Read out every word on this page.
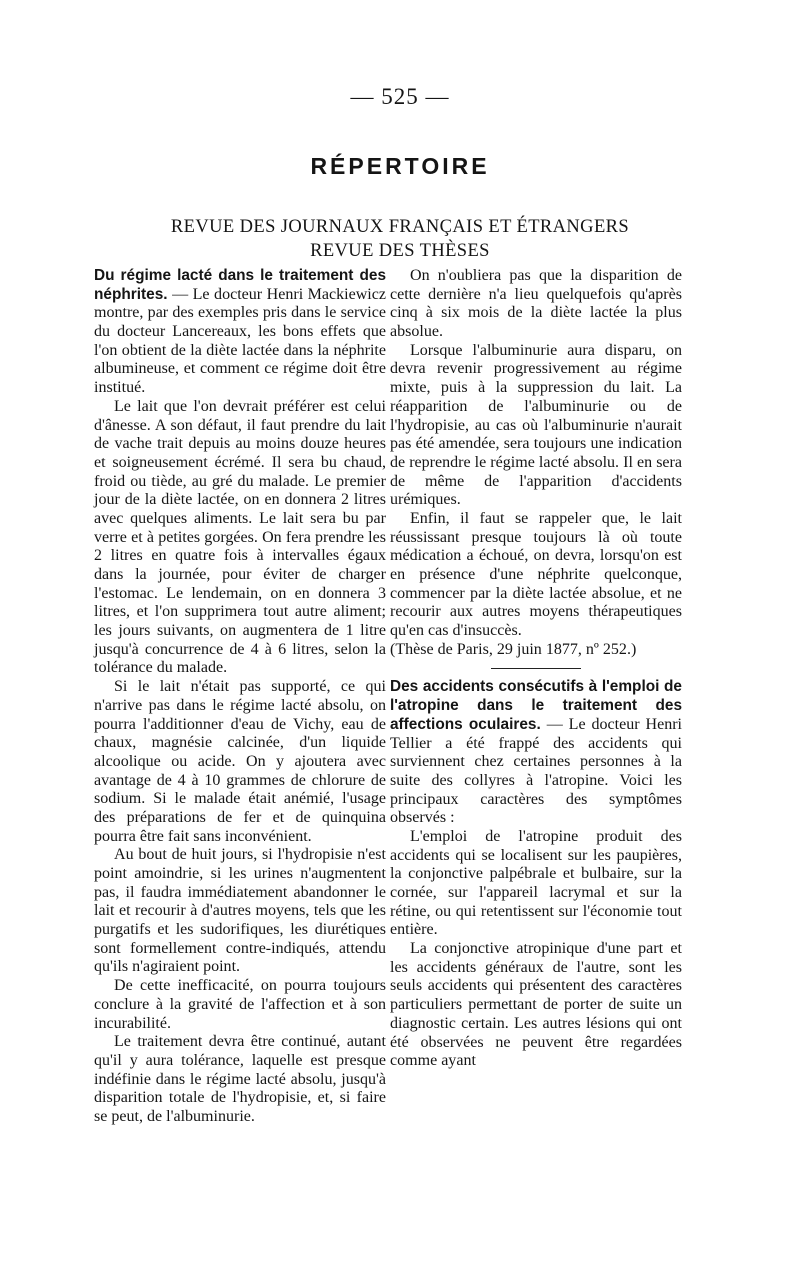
— 525 —
RÉPERTOIRE
REVUE DES JOURNAUX FRANÇAIS ET ÉTRANGERS
REVUE DES THÈSES

Du régime lacté dans le traitement des néphrites. — Le docteur Henri Mackiewicz montre, par des exemples pris dans le service du docteur Lancereaux, les bons effets que l'on obtient de la diète lactée dans la néphrite albumineuse, et comment ce régime doit être institué.

Le lait que l'on devrait préférer est celui d'ânesse. A son défaut, il faut prendre du lait de vache trait depuis au moins douze heures et soigneusement écrémé. Il sera bu chaud, froid ou tiède, au gré du malade. Le premier jour de la diète lactée, on en donnera 2 litres avec quelques aliments. Le lait sera bu par verre et à petites gorgées. On fera prendre les 2 litres en quatre fois à intervalles égaux dans la journée, pour éviter de charger l'estomac. Le lendemain, on en donnera 3 litres, et l'on supprimera tout autre aliment; les jours suivants, on augmentera de 1 litre jusqu'à concurrence de 4 à 6 litres, selon la tolérance du malade.

Si le lait n'était pas supporté, ce qui n'arrive pas dans le régime lacté absolu, on pourra l'additionner d'eau de Vichy, eau de chaux, magnésie calcinée, d'un liquide alcoolique ou acide. On y ajoutera avec avantage de 4 à 10 grammes de chlorure de sodium. Si le malade était anémié, l'usage des préparations de fer et de quinquina pourra être fait sans inconvénient.

Au bout de huit jours, si l'hydropisie n'est point amoindrie, si les urines n'augmentent pas, il faudra immédiatement abandonner le lait et recourir à d'autres moyens, tels que les purgatifs et les sudorifiques, les diurétiques sont formellement contre-indiqués, attendu qu'ils n'agiraient point.

De cette inefficacité, on pourra toujours conclure à la gravité de l'affection et à son incurabilité.

Le traitement devra être continué, autant qu'il y aura tolérance, laquelle est presque indéfinie dans le régime lacté absolu, jusqu'à disparition totale de l'hydropisie, et, si faire se peut, de l'albuminurie.

On n'oubliera pas que la disparition de cette dernière n'a lieu quelquefois qu'après cinq à six mois de la diète lactée la plus absolue.

Lorsque l'albuminurie aura disparu, on devra revenir progressivement au régime mixte, puis à la suppression du lait. La réapparition de l'albuminurie ou de l'hydropisie, au cas où l'albuminurie n'aurait pas été amendée, sera toujours une indication de reprendre le régime lacté absolu. Il en sera de même de l'apparition d'accidents urémiques.

Enfin, il faut se rappeler que, le lait réussissant presque toujours là où toute médication a échoué, on devra, lorsqu'on est en présence d'une néphrite quelconque, commencer par la diète lactée absolue, et ne recourir aux autres moyens thérapeutiques qu'en cas d'insuccès.

(Thèse de Paris, 29 juin 1877, nº 252.)

Des accidents consécutifs à l'emploi de l'atropine dans le traitement des affections oculaires. — Le docteur Henri Tellier a été frappé des accidents qui surviennent chez certaines personnes à la suite des collyres à l'atropine. Voici les principaux caractères des symptômes observés :

L'emploi de l'atropine produit des accidents qui se localisent sur les paupières, la conjonctive palpébrale et bulbaire, sur la cornée, sur l'appareil lacrymal et sur la rétine, ou qui retentissent sur l'économie tout entière.

La conjonctive atropinique d'une part et les accidents généraux de l'autre, sont les seuls accidents qui présentent des caractères particuliers permettant de porter de suite un diagnostic certain. Les autres lésions qui ont été observées ne peuvent être regardées comme ayant
